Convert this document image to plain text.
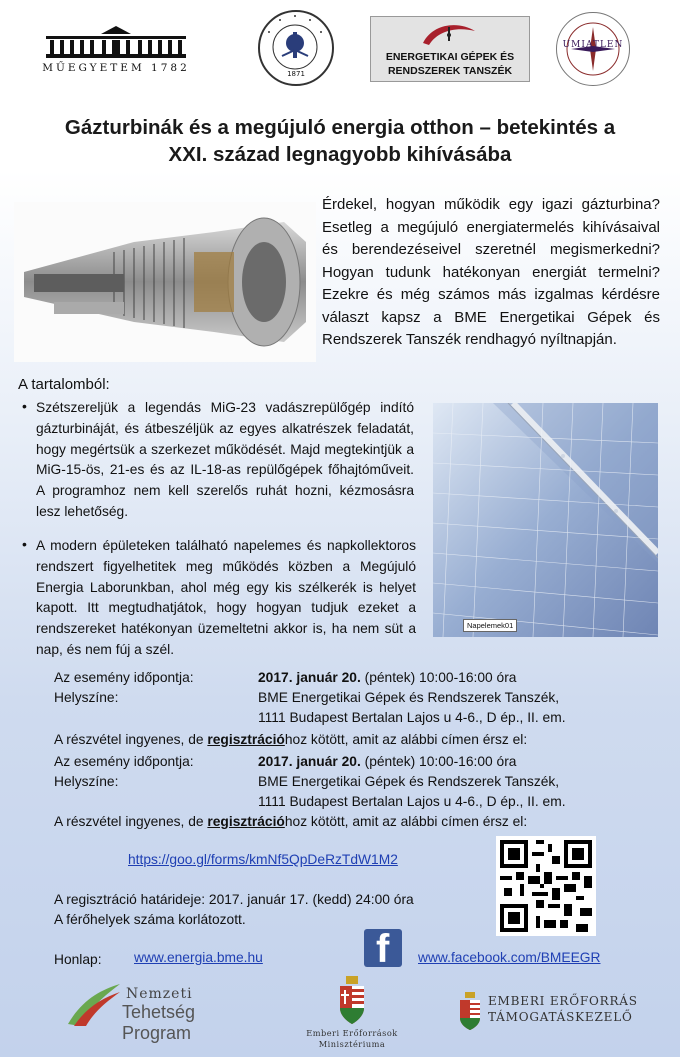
MŰEGYETEM 1782	1871
ENERGETIKAI GÉPEK ÉS
RENDSZEREK TANSZÉK
UMIATLEN
Gázturbinák és a megújuló energia otthon – betekintés a
XXI. század legnagyobb kihívásába
Érdekel, hogyan működik egy igazi gázturbina? Esetleg a megújuló energiatermelés kihívásaival és berendezéseivel szeretnél megismerkedni? Hogyan tudunk hatékonyan energiát termelni? Ezekre és még számos más izgalmas kérdésre választ kapsz a BME Energetikai Gépek és Rendszerek Tanszék rendhagyó nyíltnapján.
A tartalomból:
• Szétszereljük a legendás MiG-23 vadászrepülőgép indító gázturbináját, és átbeszéljük az egyes alkatrészek feladatát, hogy megértsük a szerkezet működését. Majd megtekintjük a MiG-15-ös, 21-es és az IL-18-as repülőgépek főhajtóműveit. A programhoz nem kell szerelős ruhát hozni, kézmosásra lesz lehetőség.
• A modern épületeken található napelemes és napkollektoros rendszert figyelhetitek meg működés közben a Megújuló Energia Laborunkban, ahol még egy kis szélkerék is helyet kapott. Itt megtudhatjátok, hogy hogyan tudjuk ezeket a rendszereket hatékonyan üzemeltetni akkor is, ha nem süt a nap, és nem fúj a szél.
Napelemek01
Az esemény időpontja:	2017. január 20. (péntek) 10:00-16:00 óra
Helyszíne:	BME Energetikai Gépek és Rendszerek Tanszék,
1111 Budapest Bertalan Lajos u 4-6., D ép., II. em.
A részvétel ingyenes, de regisztrációhoz kötött, amit az alábbi címen érsz el:
Az esemény időpontja:	2017. január 20. (péntek) 10:00-16:00 óra
Helyszíne:	BME Energetikai Gépek és Rendszerek Tanszék,
1111 Budapest Bertalan Lajos u 4-6., D ép., II. em.
A részvétel ingyenes, de regisztrációhoz kötött, amit az alábbi címen érsz el:
https://goo.gl/forms/kmNf5QpDeRzTdW1M2
A regisztráció határideje: 2017. január 17. (kedd) 24:00 óra
A férőhelyek száma korlátozott.
Honlap: www.energia.bme.hu	f www.facebook.com/BMEEGR
Nemzeti
Tehetség Program	Emberi Erőforrások
Minisztériuma
EMBERI ERŐFORRÁS
TÁMOGATÁSKEZELŐ
